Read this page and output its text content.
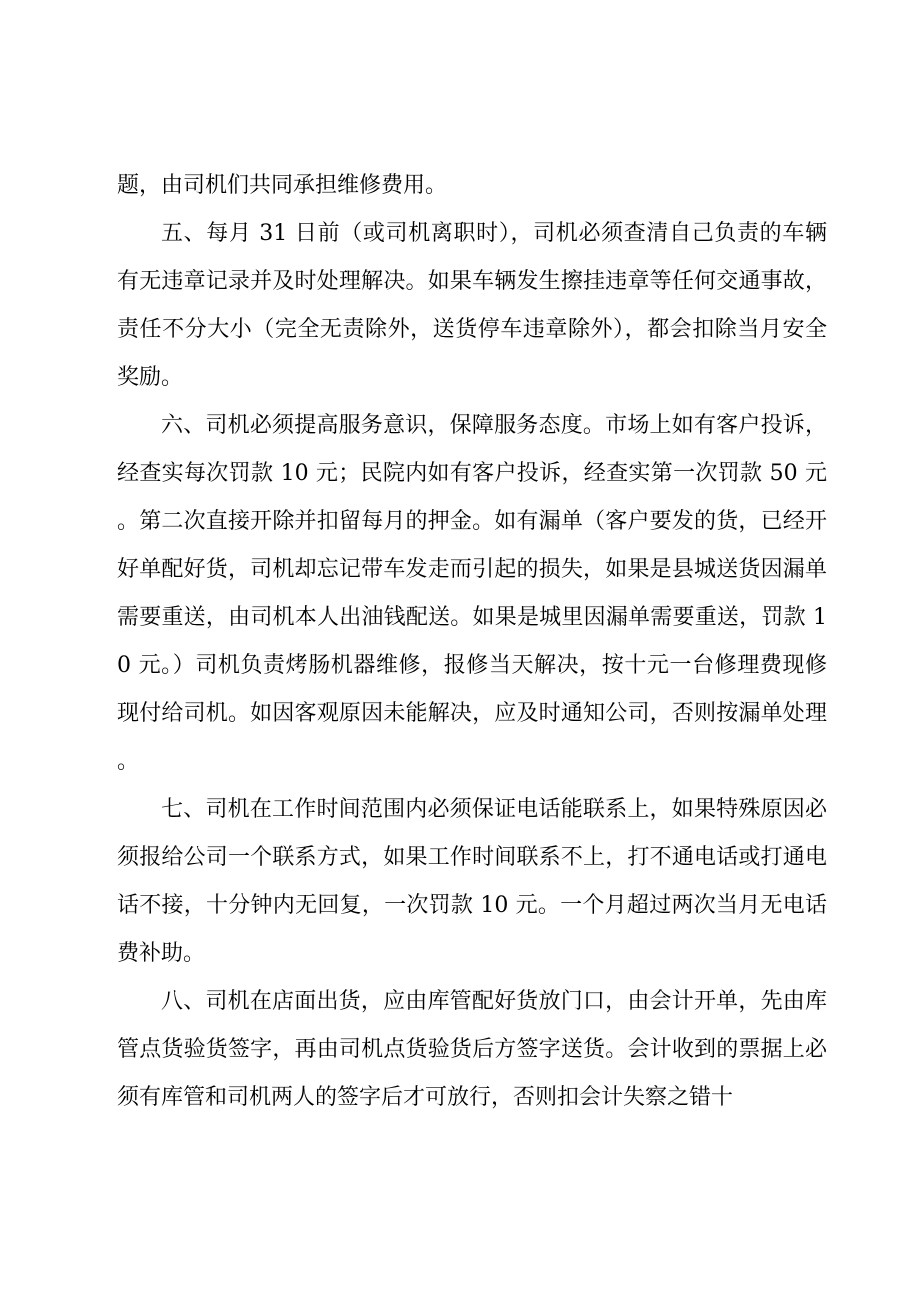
题，由司机们共同承担维修费用。

五、每月 31 日前（或司机离职时），司机必须查清自己负责的车辆有无违章记录并及时处理解决。如果车辆发生擦挂违章等任何交通事故，责任不分大小（完全无责除外，送货停车违章除外），都会扣除当月安全奖励。

六、司机必须提高服务意识，保障服务态度。市场上如有客户投诉，经查实每次罚款 10 元；民院内如有客户投诉，经查实第一次罚款 50 元。第二次直接开除并扣留每月的押金。如有漏单（客户要发的货，已经开好单配好货，司机却忘记带车发走而引起的损失，如果是县城送货因漏单需要重送，由司机本人出油钱配送。如果是城里因漏单需要重送，罚款 10 元。）司机负责烤肠机器维修，报修当天解决，按十元一台修理费现修现付给司机。如因客观原因未能解决，应及时通知公司，否则按漏单处理。

七、司机在工作时间范围内必须保证电话能联系上，如果特殊原因必须报给公司一个联系方式，如果工作时间联系不上，打不通电话或打通电话不接，十分钟内无回复，一次罚款 10 元。一个月超过两次当月无电话费补助。

八、司机在店面出货，应由库管配好货放门口，由会计开单，先由库管点货验货签字，再由司机点货验货后方签字送货。会计收到的票据上必须有库管和司机两人的签字后才可放行，否则扣会计失察之错十
